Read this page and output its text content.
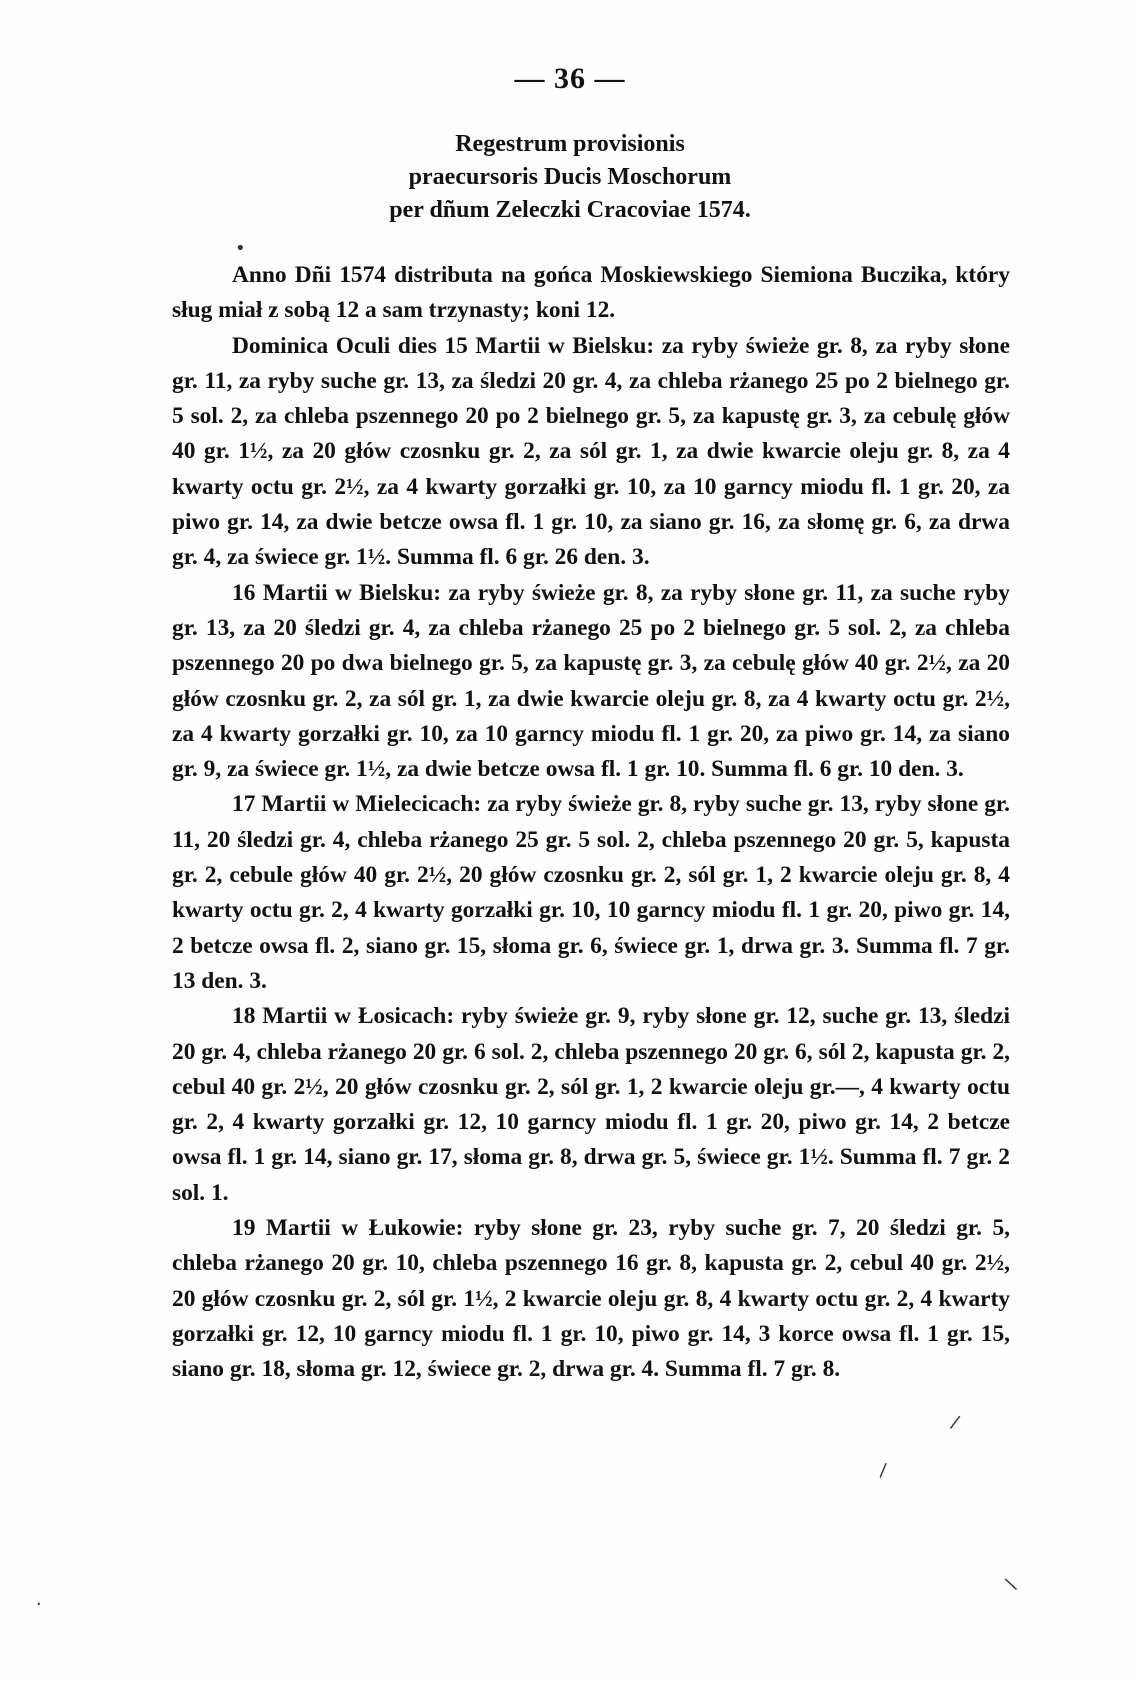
— 36 —
Regestrum provisionis
praecursoris Ducis Moschorum
per dñum Zeleczki Cracoviae 1574.

Anno Dñi 1574 distributa na gońca Moskiewskiego Siemiona Buczika, który sług miał z sobą 12 a sam trzynasty; koni 12.

Dominica Oculi dies 15 Martii w Bielsku: za ryby świeże gr. 8, za ryby słone gr. 11, za ryby suche gr. 13, za śledzi 20 gr. 4, za chleba rżanego 25 po 2 bielnego gr. 5 sol. 2, za chleba pszennego 20 po 2 bielnego gr. 5, za kapustę gr. 3, za cebulę głów 40 gr. 1½, za 20 głów czosnku gr. 2, za sól gr. 1, za dwie kwarcie oleju gr. 8, za 4 kwarty octu gr. 2½, za 4 kwarty gorzałki gr. 10, za 10 garncy miodu fl. 1 gr. 20, za piwo gr. 14, za dwie betcze owsa fl. 1 gr. 10, za siano gr. 16, za słomę gr. 6, za drwa gr. 4, za świece gr. 1½. Summa fl. 6 gr. 26 den. 3.

16 Martii w Bielsku: za ryby świeże gr. 8, za ryby słone gr. 11, za suche ryby gr. 13, za 20 śledzi gr. 4, za chleba rżanego 25 po 2 bielnego gr. 5 sol. 2, za chleba pszennego 20 po dwa bielnego gr. 5, za kapustę gr. 3, za cebulę głów 40 gr. 2½, za 20 głów czosnku gr. 2, za sól gr. 1, za dwie kwarcie oleju gr. 8, za 4 kwarty octu gr. 2½, za 4 kwarty gorzałki gr. 10, za 10 garncy miodu fl. 1 gr. 20, za piwo gr. 14, za siano gr. 9, za świece gr. 1½, za dwie betcze owsa fl. 1 gr. 10. Summa fl. 6 gr. 10 den. 3.

17 Martii w Mielecicach: za ryby świeże gr. 8, ryby suche gr. 13, ryby słone gr. 11, 20 śledzi gr. 4, chleba rżanego 25 gr. 5 sol. 2, chleba pszennego 20 gr. 5, kapusta gr. 2, cebule głów 40 gr. 2½, 20 głów czosnku gr. 2, sól gr. 1, 2 kwarcie oleju gr. 8, 4 kwarty octu gr. 2, 4 kwarty gorzałki gr. 10, 10 garncy miodu fl. 1 gr. 20, piwo gr. 14, 2 betcze owsa fl. 2, siano gr. 15, słoma gr. 6, świece gr. 1, drwa gr. 3. Summa fl. 7 gr. 13 den. 3.

18 Martii w Łosicach: ryby świeże gr. 9, ryby słone gr. 12, suche gr. 13, śledzi 20 gr. 4, chleba rżanego 20 gr. 6 sol. 2, chleba pszennego 20 gr. 6, sól 2, kapusta gr. 2, cebul 40 gr. 2½, 20 głów czosnku gr. 2, sól gr. 1, 2 kwarcie oleju gr.—, 4 kwarty octu gr. 2, 4 kwarty gorzałki gr. 12, 10 garncy miodu fl. 1 gr. 20, piwo gr. 14, 2 betcze owsa fl. 1 gr. 14, siano gr. 17, słoma gr. 8, drwa gr. 5, świece gr. 1½. Summa fl. 7 gr. 2 sol. 1.

19 Martii w Łukowie: ryby słone gr. 23, ryby suche gr. 7, 20 śledzi gr. 5, chleba rżanego 20 gr. 10, chleba pszennego 16 gr. 8, kapusta gr. 2, cebul 40 gr. 2½, 20 głów czosnku gr. 2, sól gr. 1½, 2 kwarcie oleju gr. 8, 4 kwarty octu gr. 2, 4 kwarty gorzałki gr. 12, 10 garncy miodu fl. 1 gr. 10, piwo gr. 14, 3 korce owsa fl. 1 gr. 15, siano gr. 18, słoma gr. 12, świece gr. 2, drwa gr. 4. Summa fl. 7 gr. 8.

•
\
/
\
·
